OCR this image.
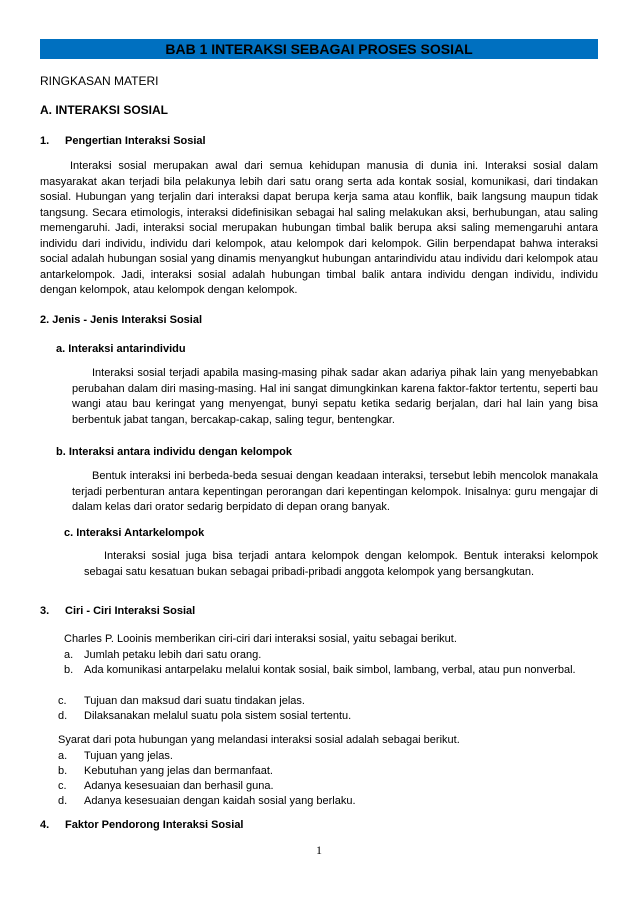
BAB 1 INTERAKSI SEBAGAI PROSES SOSIAL
RINGKASAN MATERI
A. INTERAKSI SOSIAL
1. Pengertian Interaksi Sosial
Interaksi sosial merupakan awal dari semua kehidupan manusia di dunia ini. Interaksi sosial dalam masyarakat akan terjadi bila pelakunya lebih dari satu orang serta ada kontak sosial, komunikasi, dari tindakan sosial. Hubungan yang terjalin dari interaksi dapat berupa kerja sama atau konflik, baik langsung maupun tidak tangsung. Secara etimologis, interaksi didefinisikan sebagai hal saling melakukan aksi, berhubungan, atau saling memengaruhi. Jadi, interaksi social merupakan hubungan timbal balik berupa aksi saling memengaruhi antara individu dari individu, individu dari kelompok, atau kelompok dari kelompok. Gilin berpendapat bahwa interaksi social adalah hubungan sosial yang dinamis menyangkut hubungan antarindividu atau individu dari kelompok atau antarkelompok. Jadi, interaksi sosial adalah hubungan timbal balik antara individu dengan individu, individu dengan kelompok, atau kelompok dengan kelompok.
2. Jenis - Jenis Interaksi Sosial
a. Interaksi antarindividu
Interaksi sosial terjadi apabila masing-masing pihak sadar akan adariya pihak lain yang menyebabkan perubahan dalam diri masing-masing. Hal ini sangat dimungkinkan karena faktor-faktor tertentu, seperti bau wangi atau bau keringat yang menyengat, bunyi sepatu ketika sedarig berjalan, dari hal lain yang bisa berbentuk jabat tangan, bercakap-cakap, saling tegur, bentengkar.
b. Interaksi antara individu dengan kelompok
Bentuk interaksi ini berbeda-beda sesuai dengan keadaan interaksi, tersebut lebih mencolok manakala terjadi perbenturan antara kepentingan perorangan dari kepentingan kelompok. Inisalnya: guru mengajar di dalam kelas dari orator sedarig berpidato di depan orang banyak.
c. Interaksi Antarkelompok
Interaksi sosial juga bisa terjadi antara kelompok dengan kelompok. Bentuk interaksi kelompok sebagai satu kesatuan bukan sebagai pribadi-pribadi anggota kelompok yang bersangkutan.
3. Ciri - Ciri Interaksi Sosial
Charles P. Looinis memberikan ciri-ciri dari interaksi sosial, yaitu sebagai berikut.
a. Jumlah petaku lebih dari satu orang.
b. Ada komunikasi antarpelaku melalui kontak sosial, baik simbol, lambang, verbal, atau pun nonverbal.
c. Tujuan dan maksud dari suatu tindakan jelas.
d. Dilaksanakan melalul suatu pola sistem sosial tertentu.
Syarat dari pota hubungan yang melandasi interaksi sosial adalah sebagai berikut.
a. Tujuan yang jelas.
b. Kebutuhan yang jelas dan bermanfaat.
c. Adanya kesesuaian dan berhasil guna.
d. Adanya kesesuaian dengan kaidah sosial yang berlaku.
4. Faktor Pendorong Interaksi Sosial
1
